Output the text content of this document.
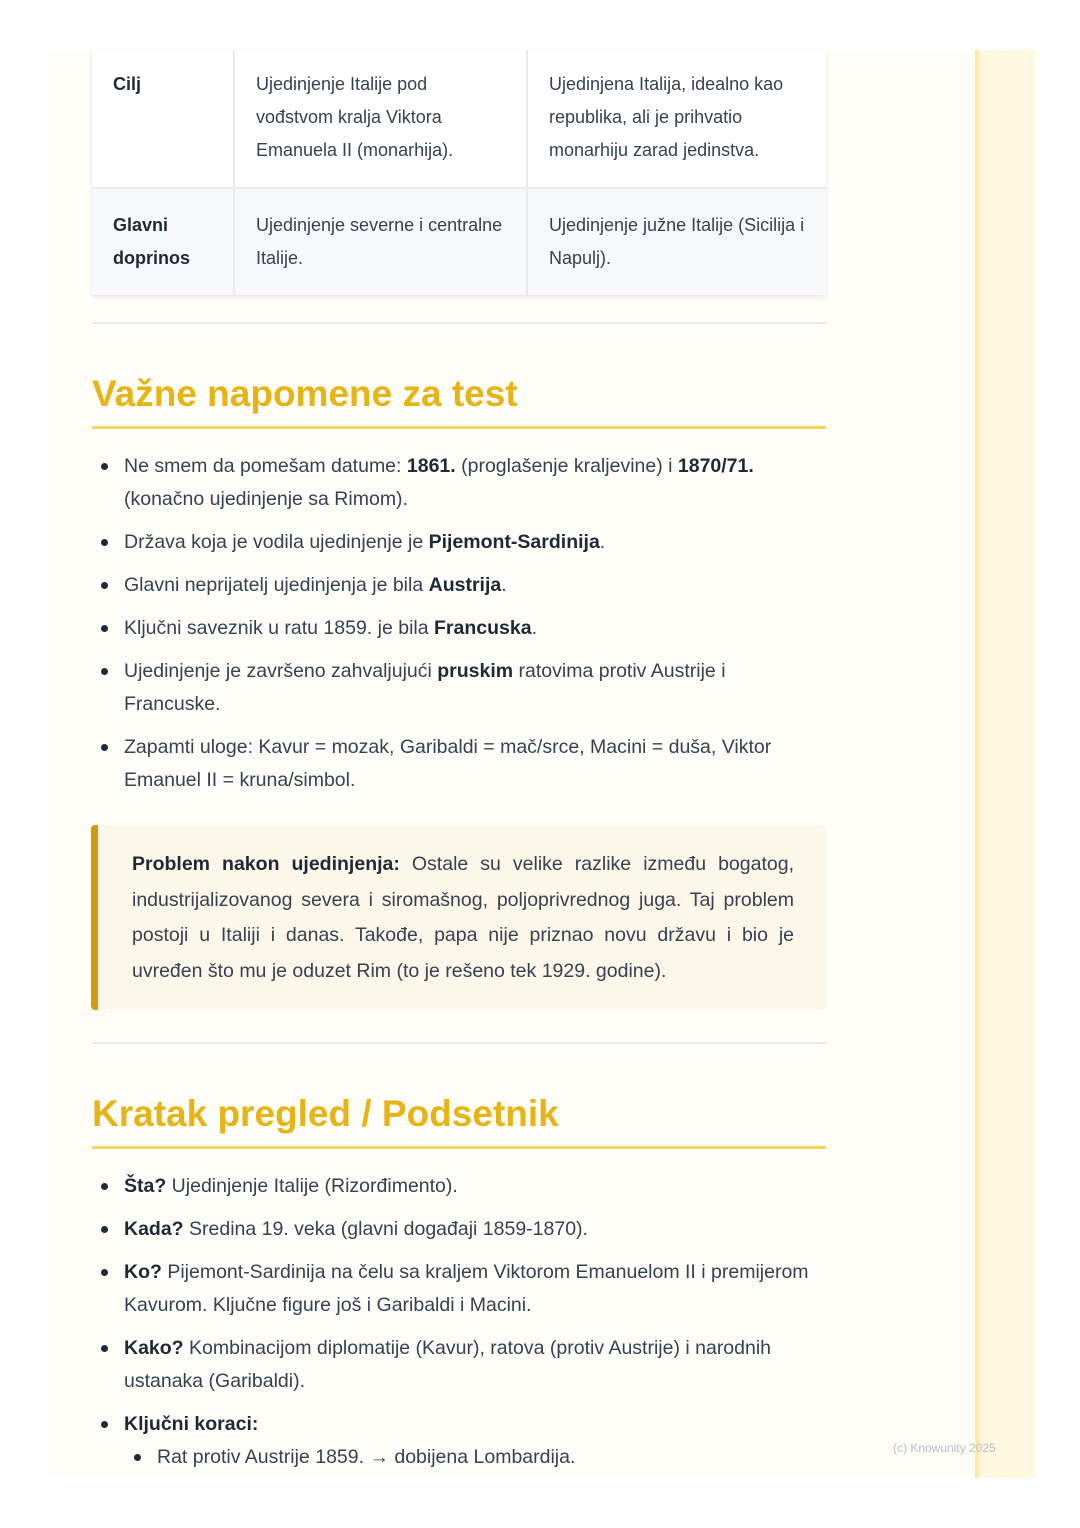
Cilj	Ujedinjenje Italije pod vođstvom kralja Viktora Emanuela II (monarhija).	Ujedinjena Italija, idealno kao republika, ali je prihvatio monarhiju zarad jedinstva.
Glavni doprinos	Ujedinjenje severne i centralne Italije.	Ujedinjenje južne Italije (Sicilija i Napulj).
Važne napomene za test
Ne smem da pomešam datume: 1861. (proglašenje kraljevine) i 1870/71. (konačno ujedinjenje sa Rimom).
Država koja je vodila ujedinjenje je Pijemont-Sardinija.
Glavni neprijatelj ujedinjenja je bila Austrija.
Ključni saveznik u ratu 1859. je bila Francuska.
Ujedinjenje je završeno zahvaljujući pruskim ratovima protiv Austrije i Francuske.
Zapamti uloge: Kavur = mozak, Garibaldi = mač/srce, Macini = duša, Viktor Emanuel II = kruna/simbol.
Problem nakon ujedinjenja: Ostale su velike razlike između bogatog, industrijalizovanog severa i siromašnog, poljoprivrednog juga. Taj problem postoji u Italiji i danas. Takođe, papa nije priznao novu državu i bio je uvređen što mu je oduzet Rim (to je rešeno tek 1929. godine).
Kratak pregled / Podsetnik
Šta? Ujedinjenje Italije (Rizorđimento).
Kada? Sredina 19. veka (glavni događaji 1859-1870).
Ko? Pijemont-Sardinija na čelu sa kraljem Viktorom Emanuelom II i premijerom Kavurom. Ključne figure još i Garibaldi i Macini.
Kako? Kombinacijom diplomatije (Kavur), ratova (protiv Austrije) i narodnih ustanaka (Garibaldi).
Ključni koraci:
Rat protiv Austrije 1859. → dobijena Lombardija.	(c) Knowunity 2025
